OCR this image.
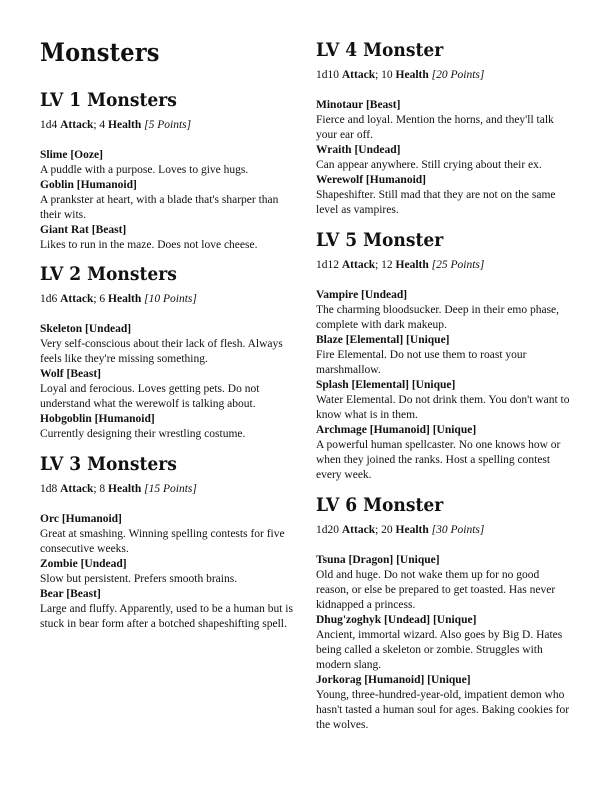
Monsters
LV 1 Monsters
1d4 Attack; 4 Health [5 Points]
Slime [Ooze]
A puddle with a purpose. Loves to give hugs.
Goblin [Humanoid]
A prankster at heart, with a blade that's sharper than their wits.
Giant Rat [Beast]
Likes to run in the maze. Does not love cheese.
LV 2 Monsters
1d6 Attack; 6 Health [10 Points]
Skeleton [Undead]
Very self-conscious about their lack of flesh. Always feels like they're missing something.
Wolf [Beast]
Loyal and ferocious. Loves getting pets. Do not understand what the werewolf is talking about.
Hobgoblin [Humanoid]
Currently designing their wrestling costume.
LV 3 Monsters
1d8 Attack; 8 Health [15 Points]
Orc [Humanoid]
Great at smashing. Winning spelling contests for five consecutive weeks.
Zombie [Undead]
Slow but persistent. Prefers smooth brains.
Bear [Beast]
Large and fluffy. Apparently, used to be a human but is stuck in bear form after a botched shapeshifting spell.
LV 4 Monster
1d10 Attack; 10 Health [20 Points]
Minotaur [Beast]
Fierce and loyal. Mention the horns, and they'll talk your ear off.
Wraith [Undead]
Can appear anywhere. Still crying about their ex.
Werewolf [Humanoid]
Shapeshifter. Still mad that they are not on the same level as vampires.
LV 5 Monster
1d12 Attack; 12 Health [25 Points]
Vampire [Undead]
The charming bloodsucker. Deep in their emo phase, complete with dark makeup.
Blaze [Elemental] [Unique]
Fire Elemental. Do not use them to roast your marshmallow.
Splash [Elemental] [Unique]
Water Elemental. Do not drink them. You don't want to know what is in them.
Archmage [Humanoid] [Unique]
A powerful human spellcaster. No one knows how or when they joined the ranks. Host a spelling contest every week.
LV 6 Monster
1d20 Attack; 20 Health [30 Points]
Tsuna [Dragon] [Unique]
Old and huge. Do not wake them up for no good reason, or else be prepared to get toasted. Has never kidnapped a princess.
Dhug'zoghyk [Undead] [Unique]
Ancient, immortal wizard. Also goes by Big D. Hates being called a skeleton or zombie. Struggles with modern slang.
Jorkorag [Humanoid] [Unique]
Young, three-hundred-year-old, impatient demon who hasn't tasted a human soul for ages. Baking cookies for the wolves.
